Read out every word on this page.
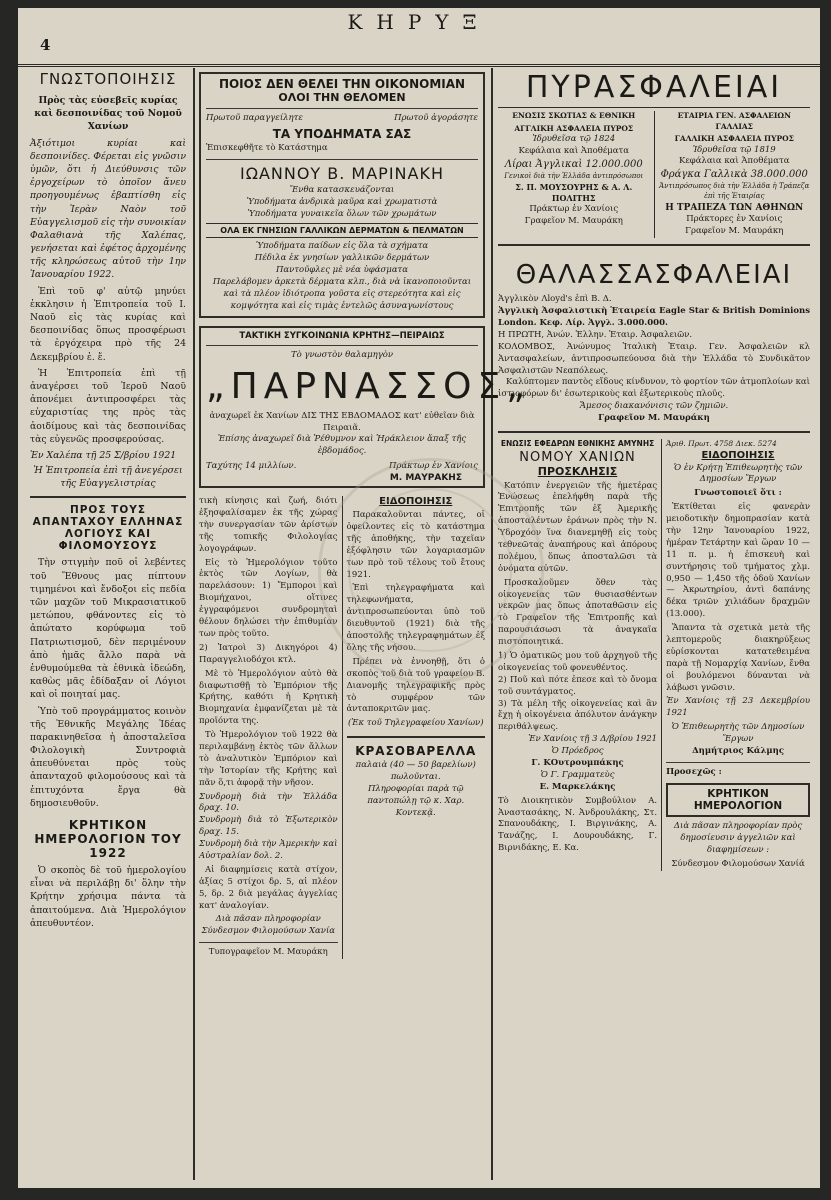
4
ΚΗΡΥΞ
ΓΝΩΣΤΟΠΟΙΗΣΙΣ

Πρὸς τὰς εὐσεβεῖς κυρίας καὶ δεσποινίδας τοῦ Νομοῦ Χανίων

Ἀξιότιμοι κυρίαι καὶ δεσποινίδες. Φέρεται εἰς γνῶσιν ὑμῶν, ὅτι ἡ Διεύθυνσις τῶν ἐργοχείρων τὸ ὁποῖον ἄνευ προηγουμένως ἐβαπτίσθη εἰς τὴν Ἱερὰν Ναὸν τοῦ Εὐαγγελισμοῦ εἰς τὴν συνοικίαν Φαλαθιανὰ τῆς Χαλέπας, γενήσεται καὶ ἐφέτος ἀρχομένης τῆς κληρώσεως αὐτοῦ τὴν 1ην Ἰανουαρίου 1922.

Ἐπὶ τοῦ φ' αὐτῷ μηνύει ἐκκλησιν ἡ Ἐπιτροπεία τοῦ Ι. Ναοῦ εἰς τὰς κυρίας καὶ δεσποινίδας ὅπως προσφέρωσι τὰ ἐργόχειρα πρὸ τῆς 24 Δεκεμβρίου ἐ. ἔ.

Ἡ Ἐπιτροπεία ἐπὶ τῇ ἀναγέρσει τοῦ Ἱεροῦ Ναοῦ ἀπονέμει ἀντιπροσφέρει τὰς εὐχαριστίας της πρὸς τὰς ἀοιδίμους καὶ τὰς δεσποινίδας τὰς εὐγενῶς προσφερούσας.

Ἐν Χαλέπα τῇ 25 Σ/βρίου 1921

Ἡ Ἐπιτροπεία ἐπὶ τῇ ἀνεγέρσει τῆς Εὐαγγελιστρίας

ΠΡΟΣ ΤΟΥΣ ΑΠΑΝΤΑΧΟΥ ΕΛΛΗΝΑΣ ΛΟΓΙΟΥΣ ΚΑΙ ΦΙΛΟΜΟΥΣΟΥΣ

Τὴν στιγμὴν ποῦ οἱ λεβέντες τοῦ Ἔθνους μας πίπτουν τιμημένοι καὶ ἔνδοξοι εἰς πεδία τῶν μαχῶν τοῦ Μικρασιατικοῦ μετώπου, φθάνοντες εἰς τὸ ἀπώτατο κορύφωμα τοῦ Πατριωτισμοῦ, δὲν περιμένουν ἀπὸ ἡμᾶς ἄλλο παρὰ νὰ ἐνθυμούμεθα τὰ ἐθνικὰ ἰδεώδη, καθὼς μᾶς ἐδίδαξαν οἱ Λόγιοι καὶ οἱ ποιηταί μας.

Ὑπὸ τοῦ προγράμματος κοινὸν τῆς Ἐθνικῆς Μεγάλης Ἰδέας παρακινηθεῖσα ἡ ἀποσταλεῖσα Φιλολογικὴ Συντροφιὰ ἀπευθύνεται πρὸς τοὺς ἁπανταχοῦ φιλομούσους καὶ τὰ ἐπιτυχόντα ἔργα θὰ δημοσιευθοῦν.

ΚΡΗΤΙΚΟΝ ΗΜΕΡΟΛΟΓΙΟΝ ΤΟΥ 1922

Ὁ σκοπὸς δὲ τοῦ ἡμερολογίου εἶναι νὰ περιλάβῃ δι' ὅλην τὴν Κρήτην χρήσιμα πάντα τὰ ἀπαιτούμενα. Διὰ Ἡμερολόγιον ἀπευθυντέον.

ΠΟΙΟΣ ΔΕΝ ΘΕΛΕΙ ΤΗΝ ΟΙΚΟΝΟΜΙΑΝ
ΟΛΟΙ ΤΗΝ ΘΕΛΟΜΕΝ
Πρωτοῦ παραγγείλητε	Πρωτοῦ ἀγοράσητε
ΤΑ ΥΠΟΔΗΜΑΤΑ ΣΑΣ
Ἐπισκεφθῆτε τὸ Κατάστημα
ΙΩΑΝΝΟΥ Β. ΜΑΡΙΝΑΚΗ
Ἔνθα κατασκευάζονται
Ὑποδήματα ἀνδρικὰ μαῦρα καὶ χρωματιστὰ
Ὑποδήματα γυναικεῖα ὅλων τῶν χρωμάτων
ΟΛΑ ΕΚ ΓΝΗΣΙΩΝ ΓΑΛΛΙΚΩΝ ΔΕΡΜΑΤΩΝ & ΠΕΛΜΑΤΩΝ
Ὑποδήματα παίδων εἰς ὅλα τὰ σχήματα
Πέδιλα ἐκ γνησίων γαλλικῶν δερμάτων
Παντοῦφλες μὲ νέα ὑφάσματα
Παρελάβομεν ἀρκετὰ δέρματα κλπ., διὰ νὰ ἱκανοποιοῦνται καὶ τὰ πλέον ἰδιότροπα γοῦστα εἰς στερεότητα καὶ εἰς κομψότητα καὶ εἰς τιμὰς ἐντελῶς ἀσυναγωνίστους
ΤΑΚΤΙΚΗ ΣΥΓΚΟΙΝΩΝΙΑ ΚΡΗΤΗΣ—ΠΕΙΡΑΙΩΣ
Τὸ γνωστὸν θαλαμηγὸν
„ΠΑΡΝΑΣΣΟΣ„
ἀναχωρεῖ ἐκ Χανίων ΔΙΣ ΤΗΣ ΕΒΔΟΜΑΔΟΣ κατ' εὐθεῖαν διὰ Πειραιᾶ.
Ἐπίσης ἀναχωρεῖ διὰ Ῥέθυμνον καὶ Ἡράκλειον ἅπαξ τῆς ἑβδομάδος.
Ταχύτης 14 μιλλίων.	Πράκτωρ ἐν Χανίοις
Μ. ΜΑΥΡΑΚΗΣ

τικὴ κίνησις καὶ ζωή, διότι ἐξησφαλίσαμεν ἐκ τῆς χώρας τὴν συνεργασίαν τῶν ἀρίστων τῆς τοπικῆς Φιλολογίας λογογράφων.

Εἰς τὸ Ἡμερολόγιον τοῦτο ἐκτὸς τῶν Λογίων, θὰ παρελάσουν: 1) Ἔμποροι καὶ Βιομήχανοι, οἵτινες ἐγγραφόμενοι συνδρομηταὶ θέλουν δηλώσει τὴν ἐπιθυμίαν των πρὸς τοῦτο.

2) Ἰατροὶ 3) Δικηγόροι 4) Παραγγελιοδόχοι κτλ.

Μὲ τὸ Ἡμερολόγιον αὐτὸ θὰ διαφωτισθῇ τὸ Ἐμπόριον τῆς Κρήτης, καθότι ἡ Κρητικὴ Βιομηχανία ἐμφανίζεται μὲ τὰ προϊόντα της.

Τὸ Ἡμερολόγιον τοῦ 1922 θὰ περιλαμβάνῃ ἐκτὸς τῶν ἄλλων τὸ ἀναλυτικὸν Ἐμπόριον καὶ τὴν Ἱστορίαν τῆς Κρήτης καὶ πᾶν ὅ,τι ἀφορᾷ τὴν νῆσον.

Συνδρομὴ διὰ τὴν Ἑλλάδα δραχ. 10.

Συνδρομὴ διὰ τὸ Ἐξωτερικὸν δραχ. 15.

Συνδρομὴ διὰ τὴν Ἀμερικὴν καὶ Αὐστραλίαν δολ. 2.

Αἱ διαφημίσεις κατὰ στίχον, ἀξίας 5 στίχοι δρ. 5, αἱ πλέον 5, δρ. 2 διὰ μεγάλας ἀγγελίας κατ' ἀναλογίαν.

Διὰ πᾶσαν πληροφορίαν Σύνδεσμον Φιλομούσων Χανία

Τυπογραφεῖον Μ. Μαυράκη

ΕΙΔΟΠΟΙΗΣΙΣ

Παρακαλοῦνται πάντες, οἱ ὀφείλοντες εἰς τὸ κατάστημα τῆς ἀποθήκης, τὴν ταχεῖαν ἐξόφλησιν τῶν λογαριασμῶν των πρὸ τοῦ τέλους τοῦ ἔτους 1921.

Ἐπὶ τηλεγραφήματα καὶ τηλεφωνήματα, ἀντιπροσωπεύονται ὑπὸ τοῦ διευθυντοῦ (1921) διὰ τῆς ἀποστολῆς τηλεγραφημάτων ἐξ ὅλης τῆς νήσου.

Πρέπει νὰ ἐννοηθῇ, ὅτι ὁ σκοπὸς τοῦ διὰ τοῦ γραφείου Β. Διανομῆς τηλεγραφικῆς πρὸς τὸ συμφέρον τῶν ἀνταποκριτῶν μας.

(Ἐκ τοῦ Τηλεγραφείου Χανίων)

ΚΡΑΣΟΒΑΡΕΛΛΑ

παλαιὰ (40 — 50 βαρελίων) πωλοῦνται.

Πληροφορίαι παρὰ τῷ παντοπώλῃ τῷ κ. Χαρ. Κοντεκᾷ.

ΠΥΡΑΣΦΑΛΕΙΑΙ
ΕΝΩΣΙΣ ΣΚΩΤΙΑΣ & ΕΘΝΙΚΗ
ΑΓΓΛΙΚΗ ΑΣΦΑΛΕΙΑ ΠΥΡΟΣ
Ἱδρυθεῖσα τῷ 1824
Κεφάλαια καὶ Ἀποθέματα
Λίραι Ἀγγλικαὶ 12.000.000
Γενικοὶ διὰ τὴν Ἑλλάδα ἀντιπρόσωποι
Σ. Π. ΜΟΥΣΟΥΡΗΣ & Α. Λ. ΠΟΛΙΤΗΣ
Πράκτωρ ἐν Χανίοις
Γραφεῖον Μ. Μαυράκη
ΕΤΑΙΡΙΑ ΓΕΝ. ΑΣΦΑΛΕΙΩΝ ΓΑΛΛΙΑΣ
ΓΑΛΛΙΚΗ ΑΣΦΑΛΕΙΑ ΠΥΡΟΣ
Ἱδρυθεῖσα τῷ 1819
Κεφάλαια καὶ Ἀποθέματα
Φράγκα Γαλλικὰ 38.000.000
Ἀντιπρόσωπος διὰ τὴν Ἑλλάδα ἡ Τράπεζα ἐπὶ τῆς Ἑταιρίας
Η ΤΡΑΠΕΖΑ ΤΩΝ ΑΘΗΝΩΝ
Πράκτορες ἐν Χανίοις
Γραφεῖον Μ. Μαυράκη
ΘΑΛΑΣΣΑΣΦΑΛΕΙΑΙ

Ἀγγλικὸν Λloyd's ἐπὶ Β. Δ.

Ἀγγλικὴ Ἀσφαλιστικὴ Ἑταιρεία Eagle Star & British Dominions London. Κεφ. Λίρ. Ἀγγλ. 3.000.000.

Η ΠΡΩΤΗ, Ἀνών. Ἑλλην. Ἑταιρ. Ἀσφαλειῶν.

ΚΟΛΟΜΒΟΣ, Ἀνώνυμος Ἰταλικὴ Ἑταιρ. Γεν. Ἀσφαλειῶν κλ Ἀντασφαλείων, ἀντιπροσωπεύουσα διὰ τὴν Ἑλλάδα τὸ Συνδικᾶτον Ἀσφαλιστῶν Νεαπόλεως.

Καλύπτομεν παντὸς εἴδους κίνδυνον, τὸ φορτίον τῶν ἀτμοπλοίων καὶ ἱστιοφόρων δι' ἐσωτερικοὺς καὶ ἐξωτερικοὺς πλοῦς.

Ἄμεσος διακανόνισις τῶν ζημιῶν.

Γραφεῖον Μ. Μαυράκη

ΕΝΩΣΙΣ ΕΦΕΔΡΩΝ ΕΘΝΙΚΗΣ ΑΜΥΝΗΣ
ΝΟΜΟΥ ΧΑΝΙΩΝ
ΠΡΟΣΚΛΗΣΙΣ

Κατόπιν ἐνεργειῶν τῆς ἡμετέρας Ἑνώσεως ἐπελήφθη παρὰ τῆς Ἐπιτροπῆς τῶν ἐξ Ἀμερικῆς ἀποσταλέντων ἐράνων πρὸς τὴν Ν. Ὑδροχόον ἵνα διανεμηθῇ εἰς τοὺς τεθνεῶτας ἀναπήρους καὶ ἀπόρους πολέμου, ὅπως ἀποσταλῶσι τὰ ὀνόματα αὐτῶν.

Προσκαλοῦμεν ὅθεν τὰς οἰκογενείας τῶν θυσιασθέντων νεκρῶν μας ὅπως ἀποταθῶσιν εἰς τὸ Γραφεῖον τῆς Ἐπιτροπῆς καὶ παρουσιάσωσι τὰ ἀναγκαῖα πιστοποιητικά.

1) Ὁ ὀματικῶς μου τοῦ ἀρχηγοῦ τῆς οἰκογενείας τοῦ φονευθέντος.

2) Ποῦ καὶ πότε ἐπεσε καὶ τὸ ὄνομα τοῦ συντάγματος.

3) Τὰ μέλη τῆς οἰκογενείας καὶ ἂν ἔχῃ ἡ οἰκογένεια ἀπόλυτον ἀνάγκην περιθάλψεως.

Ἐν Χανίοις τῇ 3 Δ/βρίου 1921

Ὁ Πρόεδρος

Γ. ΚΟυτρουμπάκης

Ὁ Γ. Γραμματεὺς

Ε. Μαρκελάκης

Τὸ Διοικητικὸν Συμβούλιον Α. Ἀναστασάκης, Ν. Ἀνδρουλάκης, Στ. Σπανουδάκης, Ι. Βιργινάκης, Α. Τανάζης, Ι. Δουρουδάκης, Γ. Βιρνιδάκης, Ε. Κα.

Ἀριθ. Πρωτ. 4758 Διεκ. 5274

ΕΙΔΟΠΟΙΗΣΙΣ

Ὁ ἐν Κρήτῃ Ἐπιθεωρητὴς τῶν Δημοσίων Ἔργων

Γνωστοποιεῖ ὅτι :

Ἐκτίθεται εἰς φανερὰν μειοδοτικὴν δημοπρασίαν κατὰ τὴν 12ην Ἰανουαρίου 1922, ἡμέραν Τετάρτην καὶ ὥραν 10 — 11 π. μ. ἡ ἐπισκευὴ καὶ συντήρησις τοῦ τμήματος χλμ. 0,950 — 1,450 τῆς ὁδοῦ Χανίων — Ἀκρωτηρίου, ἀντὶ δαπάνης δέκα τριῶν χιλιάδων δραχμῶν (13.000).

Ἅπαντα τὰ σχετικὰ μετὰ τῆς λεπτομεροῦς διακηρύξεως εὑρίσκονται κατατεθειμένα παρὰ τῇ Νομαρχίᾳ Χανίων, ἔνθα οἱ βουλόμενοι δύνανται νὰ λάβωσι γνῶσιν.

Ἐν Χανίοις τῇ 23 Δεκεμβρίου 1921

Ὁ Ἐπιθεωρητὴς τῶν Δημοσίων Ἔργων

Δημήτριος Κάλμης

Προσεχῶς :

ΚΡΗΤΙΚΟΝ ΗΜΕΡΟΛΟΓΙΟΝ

Διὰ πᾶσαν πληροφορίαν πρὸς δημοσίευσιν ἀγγελιῶν καὶ διαφημίσεων :

Σύνδεσμον Φιλομούσων Χανίά
